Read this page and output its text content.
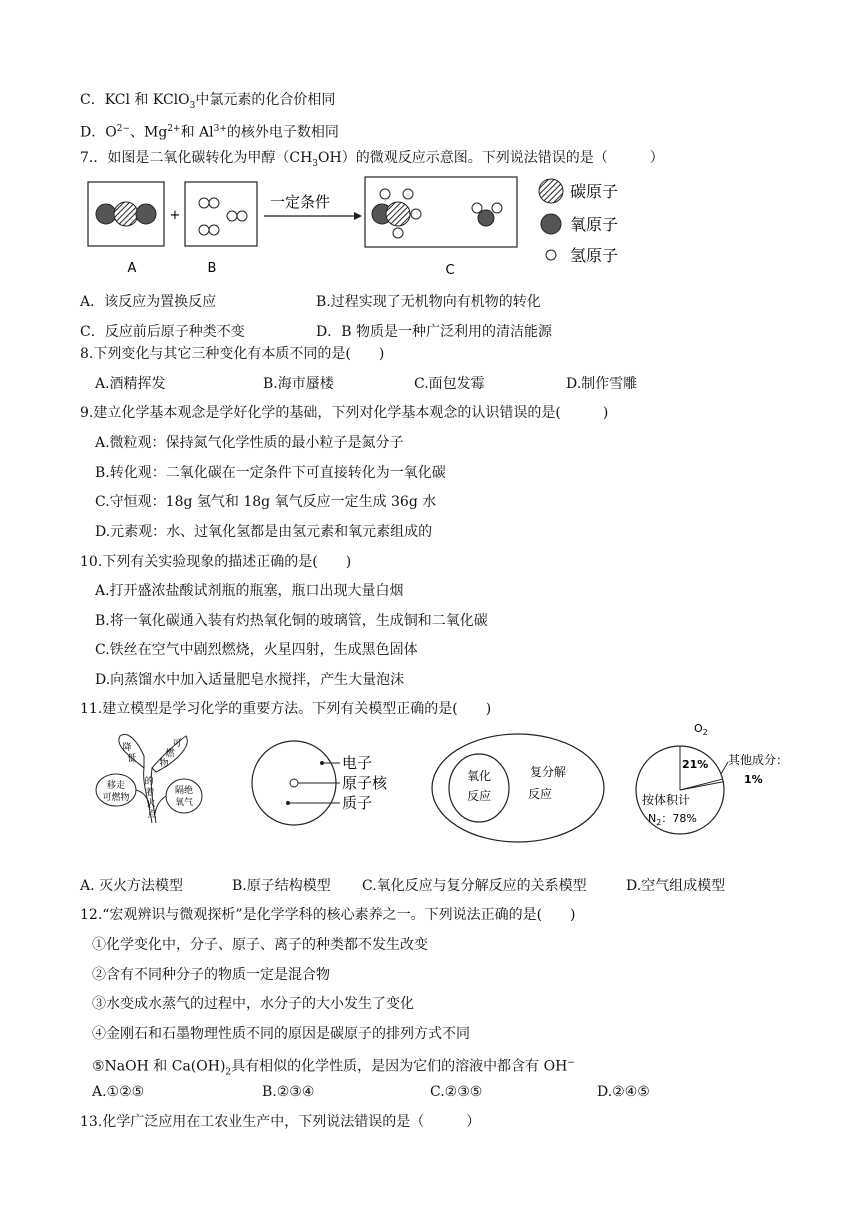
C．KCl 和 KClO$_3$中氯元素的化合价相同
D．$O^{2-}$、$Mg^{2+}$和 $Al^{3+}$的核外电子数相同
7.．如图是二氧化碳转化为甲醇$(CH_3OH)$的微观反应示意图。下列说法错误的是（　　　）
A
+
B
一定条件
C
碳原子
氧原子
氢原子
A．该反应为置换反应	B.过程实现了无机物向有机物的转化
C．反应前后原子种类不变	D．B 物质是一种广泛利用的清洁能源
8.下列变化与其它三种变化有本质不同的是(　　)
A.酒精挥发	B.海市蜃楼	C.面包发霉	D.制作雪雕
9.建立化学基本观念是学好化学的基础，下列对化学基本观念的认识错误的是(　　　)
A.微粒观：保持氮气化学性质的最小粒子是氮分子
B.转化观：二氧化碳在一定条件下可直接转化为一氧化碳
C.守恒观：18g 氢气和 18g 氧气反应一定生成 36g 水
D.元素观：水、过氧化氢都是由氢元素和氧元素组成的
10.下列有关实验现象的描述正确的是(　　)
A.打开盛浓盐酸试剂瓶的瓶塞，瓶口出现大量白烟
B.将一氧化碳通入装有灼热氧化铜的玻璃管，生成铜和二氧化碳
C.铁丝在空气中剧烈燃烧，火星四射，生成黑色固体
D.向蒸馏水中加入适量肥皂水搅拌，产生大量泡沫
11.建立模型是学习化学的重要方法。下列有关模型正确的是(　　)
降
低
可
燃
物
的
着
火
点
移走
可燃物
隔绝
氧气
电子
原子核
质子
氧化
反应
复分解
反应
$O_2$
21% 其他成分：
1%
按体积计
$N_2$：78%
A. 灭火方法模型	B.原子结构模型 C.氧化反应与复分解反应的关系模型	D.空气组成模型
12.“宏观辨识与微观探析”是化学学科的核心素养之一。下列说法正确的是(　　)
①化学变化中，分子、原子、离子的种类都不发生改变
②含有不同种分子的物质一定是混合物
③水变成水蒸气的过程中，水分子的大小发生了变化
④金刚石和石墨物理性质不同的原因是碳原子的排列方式不同
⑤NaOH 和 $Ca(OH)_2$具有相似的化学性质，是因为它们的溶液中都含有 OH−
A.①②⑤	B.②③④	C.②③⑤	D.②④⑤
13.化学广泛应用在工农业生产中，下列说法错误的是（　　　）
